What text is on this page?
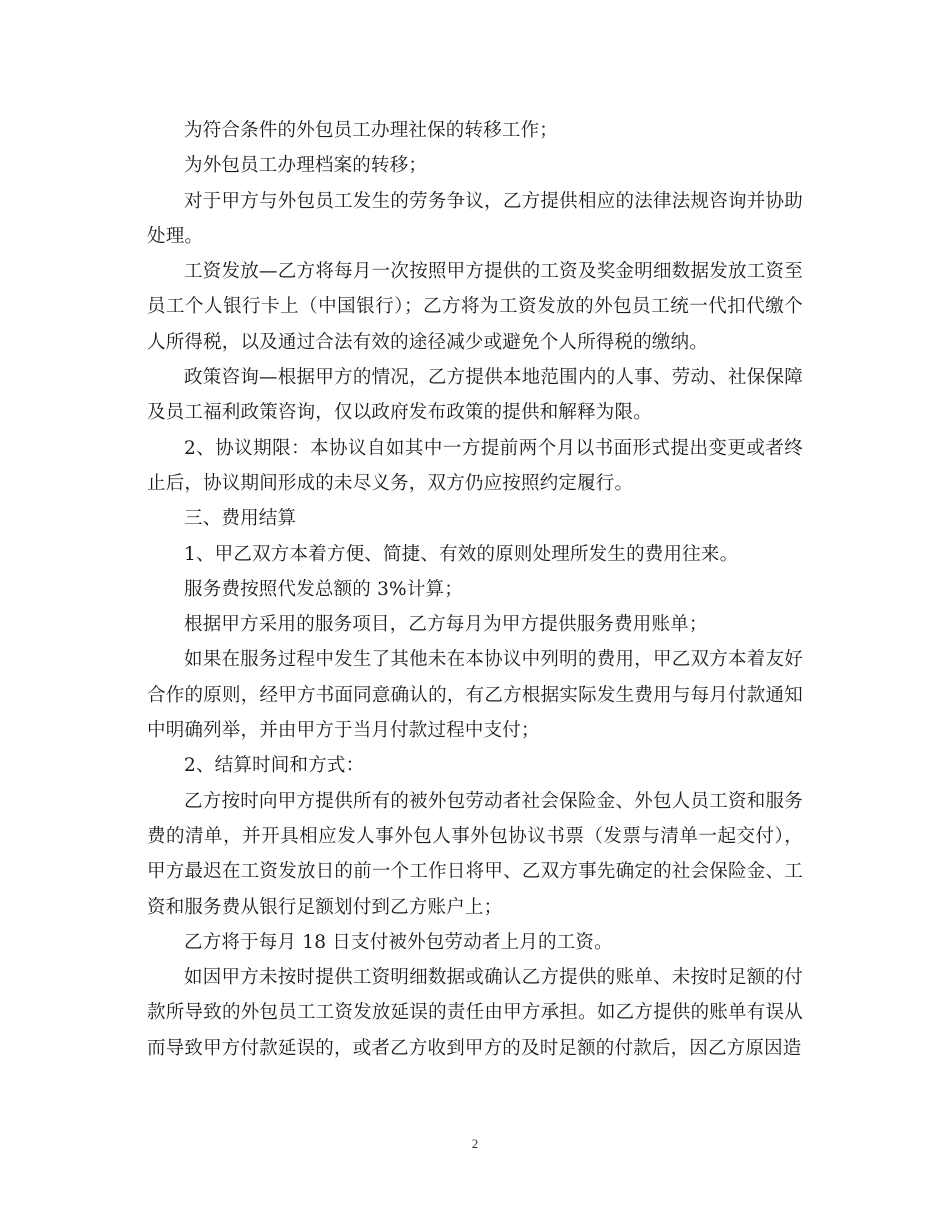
为符合条件的外包员工办理社保的转移工作；

为外包员工办理档案的转移；

对于甲方与外包员工发生的劳务争议，乙方提供相应的法律法规咨询并协助处理。

工资发放—乙方将每月一次按照甲方提供的工资及奖金明细数据发放工资至员工个人银行卡上（中国银行）；乙方将为工资发放的外包员工统一代扣代缴个人所得税，以及通过合法有效的途径减少或避免个人所得税的缴纳。

政策咨询—根据甲方的情况，乙方提供本地范围内的人事、劳动、社保保障及员工福利政策咨询，仅以政府发布政策的提供和解释为限。

2、协议期限：本协议自如其中一方提前两个月以书面形式提出变更或者终止后，协议期间形成的未尽义务，双方仍应按照约定履行。

三、费用结算

1、甲乙双方本着方便、简捷、有效的原则处理所发生的费用往来。

服务费按照代发总额的 3%计算；

根据甲方采用的服务项目，乙方每月为甲方提供服务费用账单；

如果在服务过程中发生了其他未在本协议中列明的费用，甲乙双方本着友好合作的原则，经甲方书面同意确认的，有乙方根据实际发生费用与每月付款通知中明确列举，并由甲方于当月付款过程中支付；

2、结算时间和方式：

乙方按时向甲方提供所有的被外包劳动者社会保险金、外包人员工资和服务费的清单，并开具相应发人事外包人事外包协议书票（发票与清单一起交付），甲方最迟在工资发放日的前一个工作日将甲、乙双方事先确定的社会保险金、工资和服务费从银行足额划付到乙方账户上；

乙方将于每月 18 日支付被外包劳动者上月的工资。

如因甲方未按时提供工资明细数据或确认乙方提供的账单、未按时足额的付款所导致的外包员工工资发放延误的责任由甲方承担。如乙方提供的账单有误从而导致甲方付款延误的，或者乙方收到甲方的及时足额的付款后，因乙方原因造

2
